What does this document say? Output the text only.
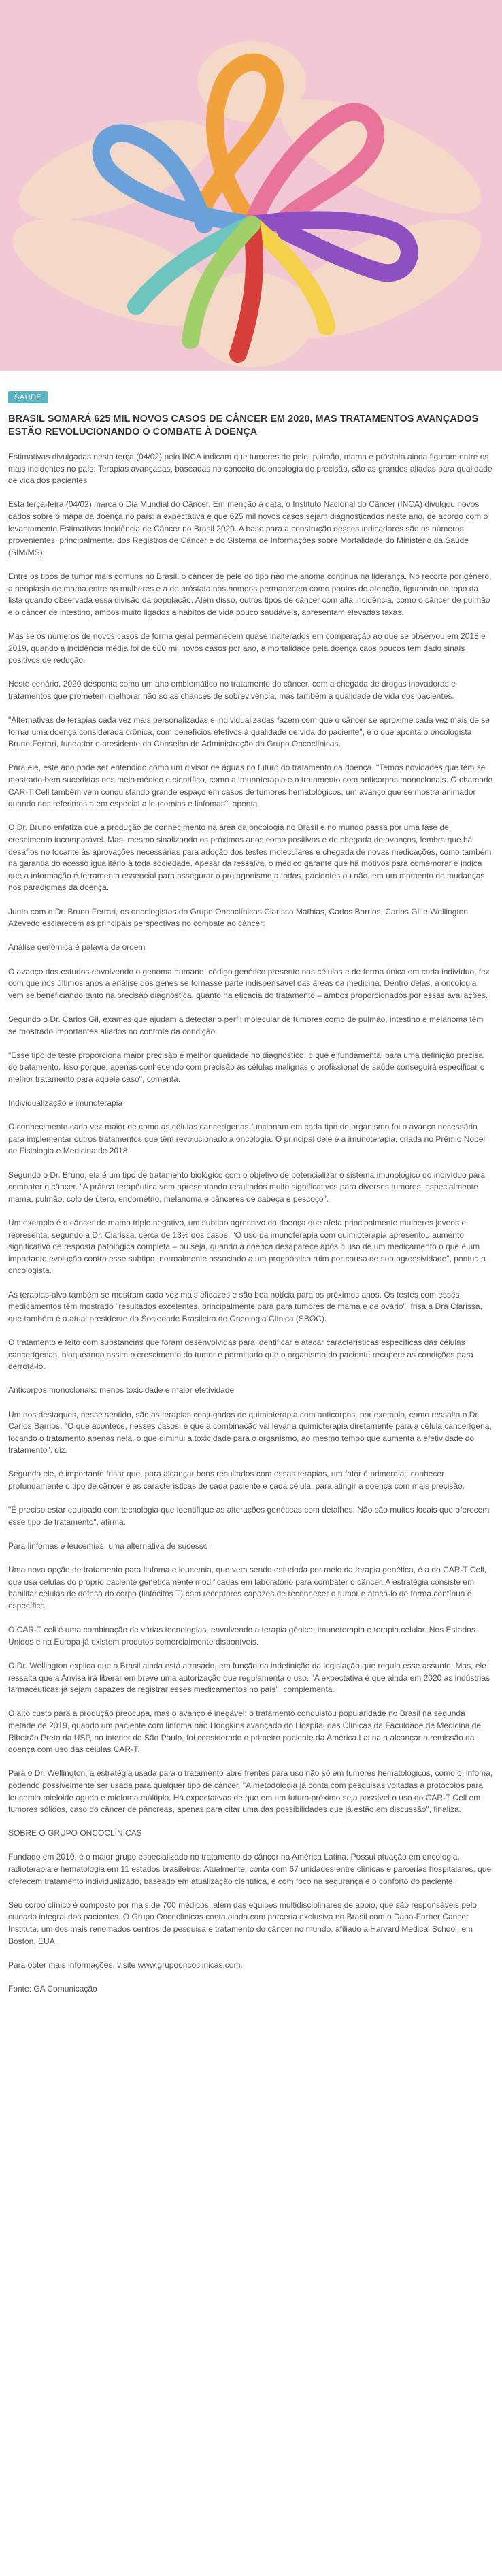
SAÚDE
BRASIL SOMARÁ 625 MIL NOVOS CASOS DE CÂNCER EM 2020, MAS TRATAMENTOS AVANÇADOS ESTÃO REVOLUCIONANDO O COMBATE À DOENÇA

Estimativas divulgadas nesta terça (04/02) pelo INCA indicam que tumores de pele, pulmão, mama e próstata ainda figuram entre os mais incidentes no país; Terapias avançadas, baseadas no conceito de oncologia de precisão, são as grandes aliadas para qualidade de vida dos pacientes

Esta terça-feira (04/02) marca o Dia Mundial do Câncer. Em menção à data, o Instituto Nacional do Câncer (INCA) divulgou novos dados sobre o mapa da doença no país: a expectativa é que 625 mil novos casos sejam diagnosticados neste ano, de acordo com o levantamento Estimativas Incidência de Câncer no Brasil 2020. A base para a construção desses indicadores são os números provenientes, principalmente, dos Registros de Câncer e do Sistema de Informações sobre Mortalidade do Ministério da Saúde (SIM/MS).

Entre os tipos de tumor mais comuns no Brasil, o câncer de pele do tipo não melanoma continua na liderança. No recorte por gênero, a neoplasia de mama entre as mulheres e a de próstata nos homens permanecem como pontos de atenção, figurando no topo da lista quando observada essa divisão da população. Além disso, outros tipos de câncer com alta incidência, como o câncer de pulmão e o câncer de intestino, ambos muito ligados a hábitos de vida pouco saudáveis, apresentam elevadas taxas.

Mas se os números de novos casos de forma geral permanecem quase inalterados em comparação ao que se observou em 2018 e 2019, quando a incidência média foi de 600 mil novos casos por ano, a mortalidade pela doença caos poucos tem dado sinais positivos de redução.

Neste cenário, 2020 desponta como um ano emblemático no tratamento do câncer, com a chegada de drogas inovadoras e tratamentos que prometem melhorar não só as chances de sobrevivência, mas também a qualidade de vida dos pacientes.

"Alternativas de terapias cada vez mais personalizadas e individualizadas fazem com que o câncer se aproxime cada vez mais de se tornar uma doença considerada crônica, com benefícios efetivos à qualidade de vida do paciente", é o que aponta o oncologista Bruno Ferrari, fundador e presidente do Conselho de Administração do Grupo Oncoclínicas.

Para ele, este ano pode ser entendido como um divisor de águas no futuro do tratamento da doença. "Temos novidades que têm se mostrado bem sucedidas nos meio médico e científico, como a imunoterapia e o tratamento com anticorpos monoclonais. O chamado CAR-T Cell também vem conquistando grande espaço em casos de tumores hematológicos, um avanço que se mostra animador quando nos referimos a em especial a leucemias e linfomas", aponta.

O Dr. Bruno enfatiza que a produção de conhecimento na área da oncologia no Brasil e no mundo passa por uma fase de crescimento incomparável. Mas, mesmo sinalizando os próximos anos como positivos e de chegada de avanços, lembra que há desafios no tocante às aprovações necessárias para adoção dos testes moleculares e chegada de novas medicações, como também na garantia do acesso igualitário à toda sociedade. Apesar da ressalva, o médico garante que há motivos para comemorar e indica que a informação é ferramenta essencial para assegurar o protagonismo a todos, pacientes ou não, em um momento de mudanças nos paradigmas da doença.

Junto com o Dr. Bruno Ferrari, os oncologistas do Grupo Oncoclínicas Clarissa Mathias, Carlos Barrios, Carlos Gil e Wellington Azevedo esclarecem as principais perspectivas no combate ao câncer:

Análise genômica é palavra de ordem

O avanço dos estudos envolvendo o genoma humano, código genético presente nas células e de forma única em cada indivíduo, fez com que nos últimos anos a análise dos genes se tornasse parte indispensável das áreas da medicina. Dentro delas, a oncologia vem se beneficiando tanto na precisão diagnóstica, quanto na eficácia do tratamento – ambos proporcionados por essas avaliações.

Segundo o Dr. Carlos Gil, exames que ajudam a detectar o perfil molecular de tumores como de pulmão, intestino e melanoma têm se mostrado importantes aliados no controle da condição.

"Esse tipo de teste proporciona maior precisão e melhor qualidade no diagnóstico, o que é fundamental para uma definição precisa do tratamento. Isso porque, apenas conhecendo com precisão as células malignas o profissional de saúde conseguirá especificar o melhor tratamento para aquele caso", comenta.

Individualização e imunoterapia

O conhecimento cada vez maior de como as células cancerígenas funcionam em cada tipo de organismo foi o avanço necessário para implementar outros tratamentos que têm revolucionado a oncologia. O principal dele é a imunoterapia, criada no Prêmio Nobel de Fisiologia e Medicina de 2018.

Segundo o Dr. Bruno, ela é um tipo de tratamento biológico com o objetivo de potencializar o sistema imunológico do indivíduo para combater o câncer. "A prática terapêutica vem apresentando resultados muito significativos para diversos tumores, especialmente mama, pulmão, colo de útero, endométrio, melanoma e cânceres de cabeça e pescoço".

Um exemplo é o câncer de mama triplo negativo, um subtipo agressivo da doença que afeta principalmente mulheres jovens e representa, segundo a Dr. Clarissa, cerca de 13% dos casos. "O uso da imunoterapia com quimioterapia apresentou aumento significativo de resposta patológica completa – ou seja, quando a doença desaparece após o uso de um medicamento o que é um importante evolução contra esse subtipo, normalmente associado a um prognóstico ruim por causa de sua agressividade", pontua a oncologista.

As terapias-alvo também se mostram cada vez mais eficazes e são boa notícia para os próximos anos. Os testes com esses medicamentos têm mostrado "resultados excelentes, principalmente para para tumores de mama e de ovário", frisa a Dra Clarissa, que também é a atual presidente da Sociedade Brasileira de Oncologia Clínica (SBOC).

O tratamento é feito com substâncias que foram desenvolvidas para identificar e atacar características específicas das células cancerígenas, bloqueando assim o crescimento do tumor e permitindo que o organismo do paciente recupere as condições para derrotá-lo.

Anticorpos monoclonais: menos toxicidade e maior efetividade

Um dos destaques, nesse sentido, são as terapias conjugadas de quimioterapia com anticorpos, por exemplo, como ressalta o Dr. Carlos Barrios. "O que acontece, nesses casos, é que a combinação vai levar a quimioterapia diretamente para a célula cancerígena, focando o tratamento apenas nela, o que diminui a toxicidade para o organismo, ao mesmo tempo que aumenta a efetividade do tratamento", diz.

Segundo ele, é importante frisar que, para alcançar bons resultados com essas terapias, um fator é primordial: conhecer profundamente o tipo de câncer e as características de cada paciente e cada célula, para atingir a doença com mais precisão.

"É preciso estar equipado com tecnologia que identifique as alterações genéticas com detalhes. Não são muitos locais que oferecem esse tipo de tratamento", afirma.

Para linfomas e leucemias, uma alternativa de sucesso

Uma nova opção de tratamento para linfoma e leucemia, que vem sendo estudada por meio da terapia genética, é a do CAR-T Cell, que usa células do próprio paciente geneticamente modificadas em laboratório para combater o câncer. A estratégia consiste em habilitar células de defesa do corpo (linfócitos T) com receptores capazes de reconhecer o tumor e atacá-lo de forma contínua e específica.

O CAR-T cell é uma combinação de várias tecnologias, envolvendo a terapia gênica, imunoterapia e terapia celular. Nos Estados Unidos e na Europa já existem produtos comercialmente disponíveis.

O Dr. Wellington explica que o Brasil ainda está atrasado, em função da indefinição da legislação que regula esse assunto. Mas, ele ressalta que a Anvisa irá liberar em breve uma autorização que regulamenta o uso. "A expectativa é que ainda em 2020 as indústrias farmacêuticas já sejam capazes de registrar esses medicamentos no país", complementa.

O alto custo para a produção preocupa, mas o avanço é inegável: o tratamento conquistou popularidade no Brasil na segunda metade de 2019, quando um paciente com linfoma não Hodgkins avançado do Hospital das Clínicas da Faculdade de Medicina de Ribeirão Preto da USP, no interior de São Paulo, foi considerado o primeiro paciente da América Latina a alcançar a remissão da doença com uso das células CAR-T.

Para o Dr. Wellington, a estratégia usada para o tratamento abre frentes para uso não só em tumores hematológicos, como o linfoma, podendo possivelmente ser usada para qualquer tipo de câncer. "A metodologia já conta com pesquisas voltadas a protocolos para leucemia mieloide aguda e mieloma múltiplo. Há expectativas de que em um futuro próximo seja possível o uso do CAR-T Cell em tumores sólidos, caso do câncer de pâncreas, apenas para citar uma das possibilidades que já estão em discussão", finaliza.

SOBRE O GRUPO ONCOCLÍNICAS

Fundado em 2010, é o maior grupo especializado no tratamento do câncer na América Latina. Possui atuação em oncologia, radioterapia e hematologia em 11 estados brasileiros. Atualmente, conta com 67 unidades entre clínicas e parcerias hospitalares, que oferecem tratamento individualizado, baseado em atualização científica, e com foco na segurança e o conforto do paciente.

Seu corpo clínico é composto por mais de 700 médicos, além das equipes multidisciplinares de apoio, que são responsáveis pelo cuidado integral dos pacientes. O Grupo Oncoclínicas conta ainda com parceria exclusiva no Brasil com o Dana-Farber Cancer Institute, um dos mais renomados centros de pesquisa e tratamento do câncer no mundo, afiliado a Harvard Medical School, em Boston, EUA.

Para obter mais informações, visite www.grupooncoclinicas.com.

Fonte: GA Comunicação
